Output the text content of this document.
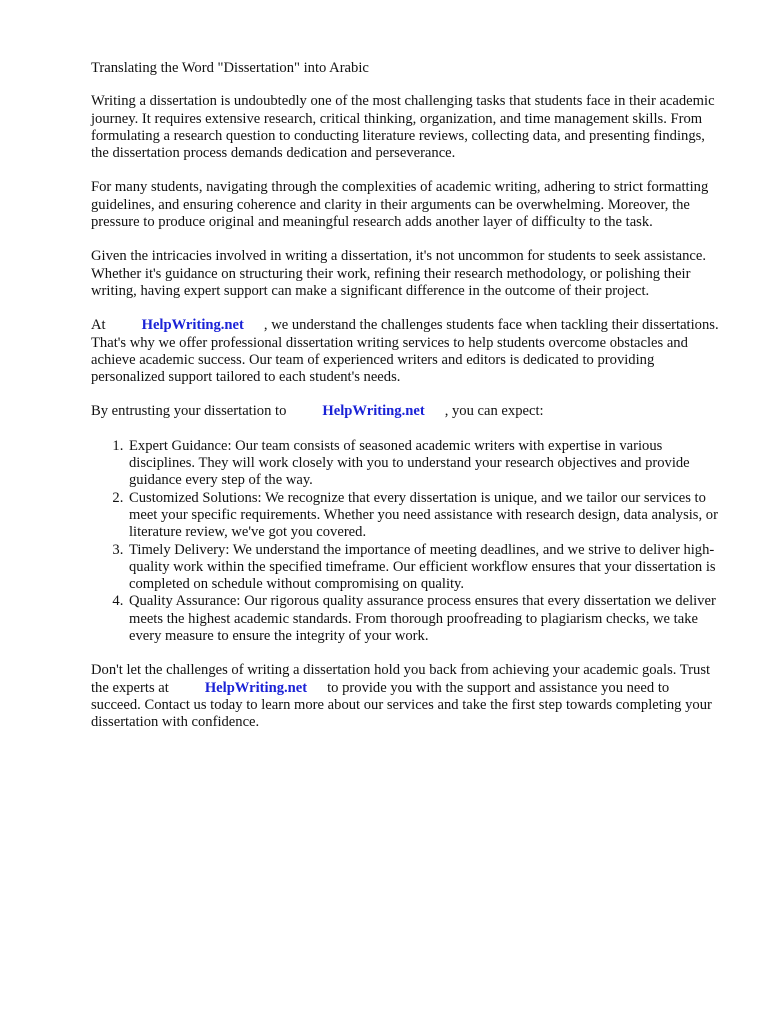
Translating the Word "Dissertation" into Arabic

Writing a dissertation is undoubtedly one of the most challenging tasks that students face in their academic journey. It requires extensive research, critical thinking, organization, and time management skills. From formulating a research question to conducting literature reviews, collecting data, and presenting findings, the dissertation process demands dedication and perseverance.

For many students, navigating through the complexities of academic writing, adhering to strict formatting guidelines, and ensuring coherence and clarity in their arguments can be overwhelming. Moreover, the pressure to produce original and meaningful research adds another layer of difficulty to the task.

Given the intricacies involved in writing a dissertation, it's not uncommon for students to seek assistance. Whether it's guidance on structuring their work, refining their research methodology, or polishing their writing, having expert support can make a significant difference in the outcome of their project.

At HelpWriting.net , we understand the challenges students face when tackling their dissertations. That's why we offer professional dissertation writing services to help students overcome obstacles and achieve academic success. Our team of experienced writers and editors is dedicated to providing personalized support tailored to each student's needs.

By entrusting your dissertation to HelpWriting.net , you can expect:

1. Expert Guidance: Our team consists of seasoned academic writers with expertise in various disciplines. They will work closely with you to understand your research objectives and provide guidance every step of the way.
2. Customized Solutions: We recognize that every dissertation is unique, and we tailor our services to meet your specific requirements. Whether you need assistance with research design, data analysis, or literature review, we've got you covered.
3. Timely Delivery: We understand the importance of meeting deadlines, and we strive to deliver high-quality work within the specified timeframe. Our efficient workflow ensures that your dissertation is completed on schedule without compromising on quality.
4. Quality Assurance: Our rigorous quality assurance process ensures that every dissertation we deliver meets the highest academic standards. From thorough proofreading to plagiarism checks, we take every measure to ensure the integrity of your work.

Don't let the challenges of writing a dissertation hold you back from achieving your academic goals. Trust the experts at HelpWriting.net to provide you with the support and assistance you need to succeed. Contact us today to learn more about our services and take the first step towards completing your dissertation with confidence.
